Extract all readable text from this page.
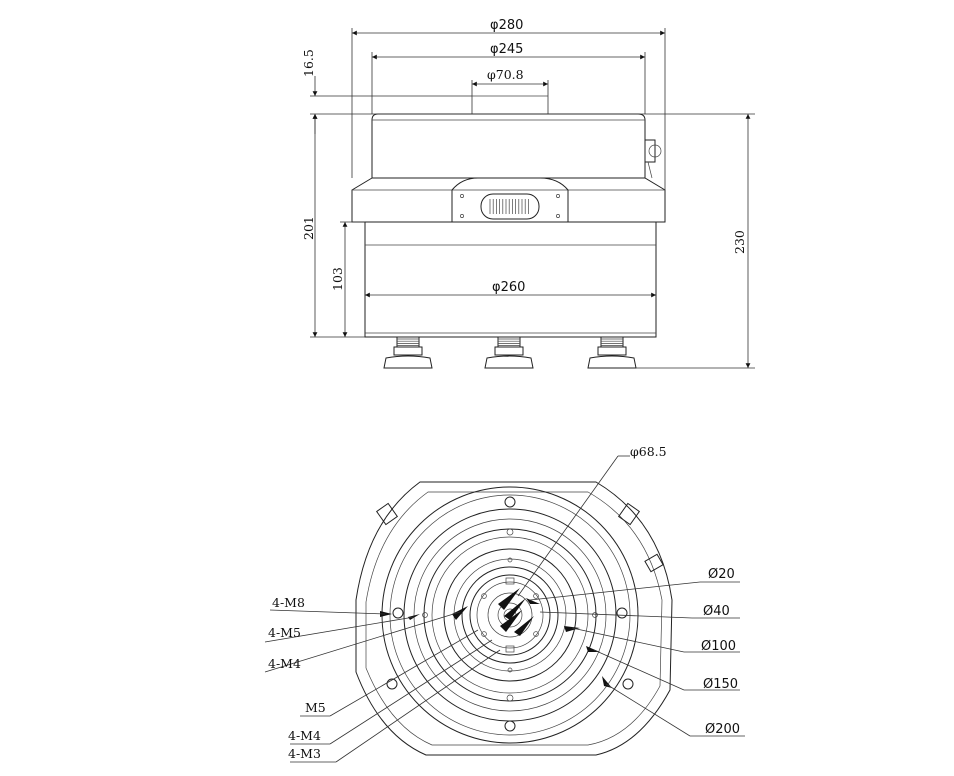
φ280
φ245
φ70.8
16.5
201
103	φ260
230
φ68.5
Ø20
Ø40
Ø100
Ø150
Ø200
4-M8
4-M5
4-M4
M5
4-M4
4-M3
